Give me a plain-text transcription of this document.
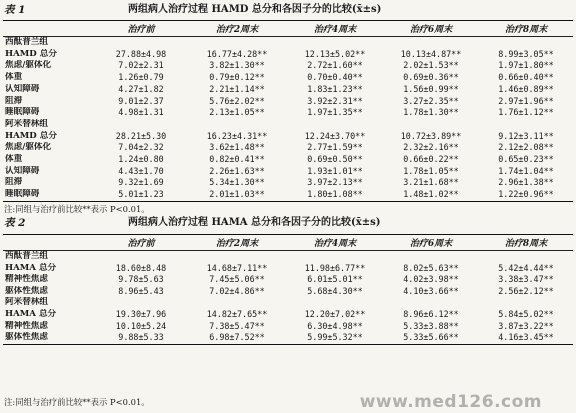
表 1	两组病人治疗过程 HAMD 总分和各因子分的比较(x̄±s)
	治疗前	治疗2周末	治疗4周末	治疗6周末	治疗8周末
西酞普兰组					
HAMD 总分	27.88±4.98	16.77±4.28**	12.13±5.02**	10.13±4.87**	8.99±3.05**
焦虑/躯体化	7.02±2.31	3.82±1.30**	2.72±1.60**	2.02±1.53**	1.97±1.80**
体重	1.26±0.79	0.79±0.12**	0.70±0.40**	0.69±0.36**	0.66±0.40**
认知障碍	4.27±1.82	2.21±1.14**	1.83±1.23**	1.56±0.99**	1.46±0.89**
阻滞	9.01±2.37	5.76±2.02**	3.92±2.31**	3.27±2.35**	2.97±1.96**
睡眠障碍	4.98±1.31	2.13±1.05**	1.97±1.35**	1.78±1.30**	1.76±1.12**
阿米替林组					
HAMD 总分	28.21±5.30	16.23±4.31**	12.24±3.70**	10.72±3.89**	9.12±3.11**
焦虑/躯体化	7.04±2.32	3.62±1.48**	2.77±1.59**	2.32±2.16**	2.12±2.08**
体重	1.24±0.80	0.82±0.41**	0.69±0.50**	0.66±0.22**	0.65±0.23**
认知障碍	4.43±1.70	2.26±1.63**	1.93±1.01**	1.78±1.05**	1.74±1.04**
阻滞	9.32±1.69	5.34±1.30**	3.97±2.13**	3.21±1.68**	2.96±1.38**
睡眠障碍	5.01±1.23	2.01±1.03**	1.80±1.08**	1.48±1.02**	1.22±0.96**
注:同组与治疗前比较**表示 P<0.01。
表 2	两组病人治疗过程 HAMA 总分和各因子分的比较(x̄±s)
	治疗前	治疗2周末	治疗4周末	治疗6周末	治疗8周末
西酞普兰组					
HAMA 总分	18.60±8.48	14.68±7.11**	11.98±6.77**	8.02±5.63**	5.42±4.44**
精神性焦虑	9.78±5.63	7.45±5.06**	6.01±5.01**	4.02±3.98**	3.38±3.47**
躯体性焦虑	8.96±5.43	7.02±4.86**	5.68±4.30**	4.10±3.66**	2.56±2.12**
阿米替林组					
HAMA 总分	19.30±7.96	14.82±7.65**	12.20±7.02**	8.96±6.12**	5.84±5.02**
精神性焦虑	10.10±5.24	7.38±5.47**	6.30±4.98**	5.33±3.88**	3.87±3.22**
躯体性焦虑	9.88±5.33	6.98±7.52**	5.99±5.32**	5.33±5.66**	4.16±3.45**
注:同组与治疗前比较**表示 P<0.01。	www.med126.com
